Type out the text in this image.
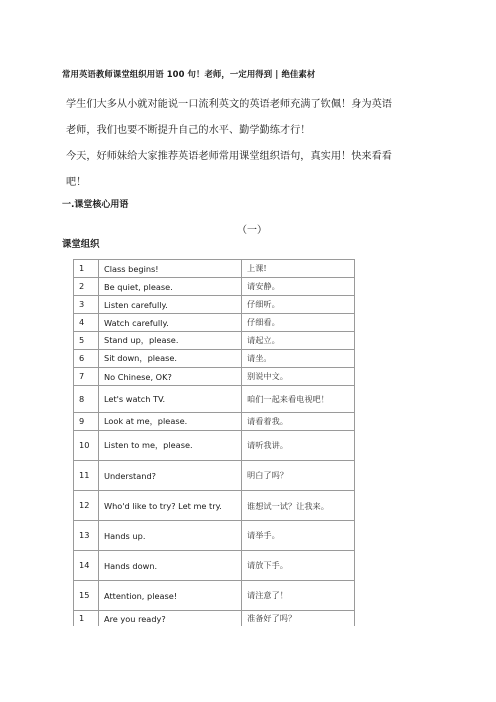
常用英语教师课堂组织用语 100 句！老师，一定用得到 | 绝佳素材

学生们大多从小就对能说一口流利英文的英语老师充满了钦佩！身为英语老师，我们也要不断提升自己的水平、勤学勤练才行！

今天，好师妹给大家推荐英语老师常用课堂组织语句，真实用！快来看看吧！

一.课堂核心用语
（一）
课堂组织
1	Class begins!	上课!
2	Be quiet, please.	请安静。
3	Listen carefully.	仔细听。
4	Watch carefully.	仔细看。
5	Stand up，please.	请起立。
6	Sit down，please.	请坐。
7	No Chinese, OK?	别说中文。
8	Let's watch TV.	咱们一起来看电视吧！
9	Look at me，please.	请看着我。
10	Listen to me，please.	请听我讲。
11	Understand?	明白了吗？
12	Who'd like to try? Let me try.	谁想试一试？让我来。
13	Hands up.	请举手。
14	Hands down.	请放下手。
15	Attention, please!	请注意了！
1	Are you ready?	准备好了吗？
